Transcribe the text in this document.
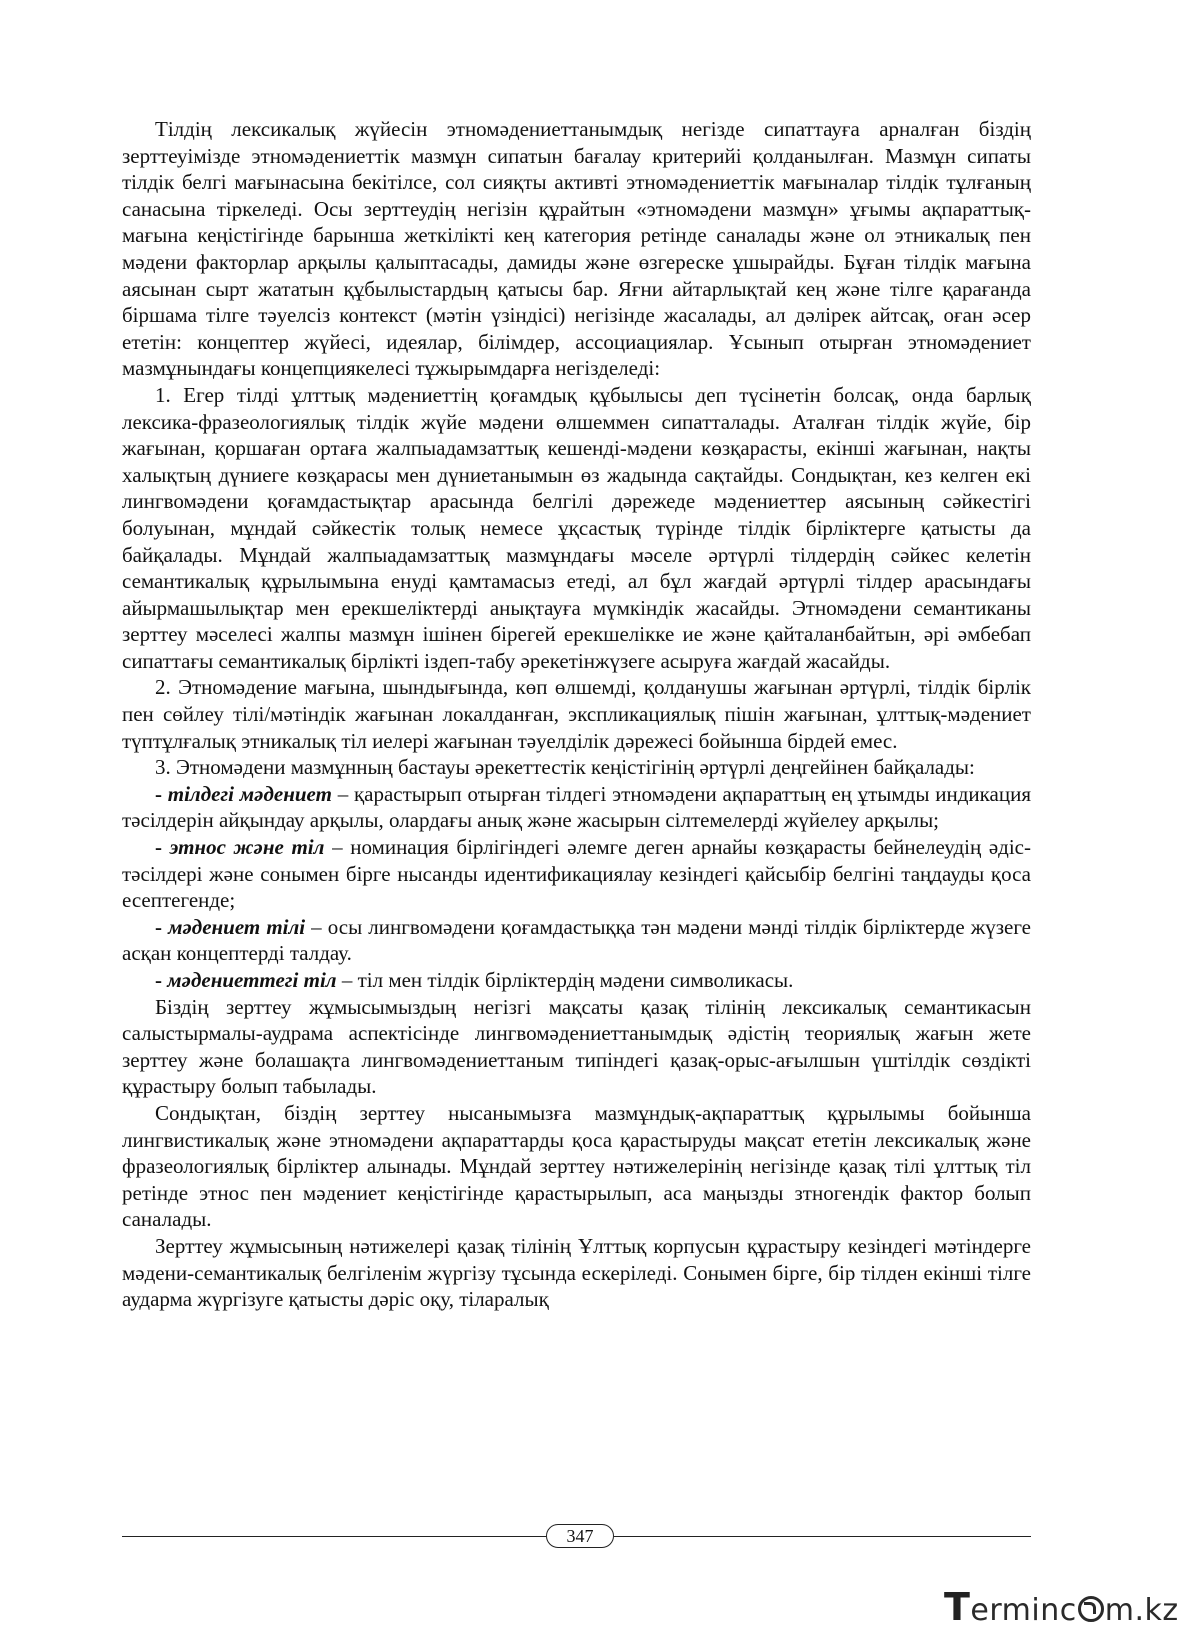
Тілдің лексикалық жүйесін этномәдениеттанымдық негізде сипаттауға арналған біздің зерттеуімізде этномәдениеттік мазмұн сипатын бағалау критерийі қолданылған. Мазмұн сипаты тілдік белгі мағынасына бекітілсе, сол сияқты активті этномәдениеттік мағыналар тілдік тұлғаның санасына тіркеледі. Осы зерттеудің негізін құрайтын «этномәдени мазмұн» ұғымы ақпараттық-мағына кеңістігінде барынша жеткілікті кең категория ретінде саналады және ол этникалық пен мәдени факторлар арқылы қалыптасады, дамиды және өзгереске ұшырайды. Бұған тілдік мағына аясынан сырт жататын құбылыстардың қатысы бар. Яғни айтарлықтай кең және тілге қарағанда біршама тілге тәуелсіз контекст (мәтін үзіндісі) негізінде жасалады, ал дәлірек айтсақ, оған әсер ететін: концептер жүйесі, идеялар, білімдер, ассоциациялар. Ұсынып отырған этномәдениет мазмұнындағы концепциякелесі тұжырымдарға негізделеді:

1. Егер тілді ұлттық мәдениеттің қоғамдық құбылысы деп түсінетін болсақ, онда барлық лексика-фразеологиялық тілдік жүйе мәдени өлшеммен сипатталады. Аталған тілдік жүйе, бір жағынан, қоршаған ортаға жалпыадамзаттық кешенді-мәдени көзқарасты, екінші жағынан, нақты халықтың дүниеге көзқарасы мен дүниетанымын өз жадында сақтайды. Сондықтан, кез келген екі лингвомәдени қоғамдастықтар арасында белгілі дәрежеде мәдениеттер аясының сәйкестігі болуынан, мұндай сәйкестік толық немесе ұқсастық түрінде тілдік бірліктерге қатысты да байқалады. Мұндай жалпыадамзаттық мазмұндағы мәселе әртүрлі тілдердің сәйкес келетін семантикалық құрылымына енуді қамтамасыз етеді, ал бұл жағдай әртүрлі тілдер арасындағы айырмашылықтар мен ерекшеліктерді анықтауға мүмкіндік жасайды. Этномәдени семантиканы зерттеу мәселесі жалпы мазмұн ішінен бірегей ерекшелікке ие және қайталанбайтын, әрі әмбебап сипаттағы семантикалық бірлікті іздеп-табу әрекетінжүзеге асыруға жағдай жасайды.

2. Этномәдение мағына, шындығында, көп өлшемді, қолданушы жағынан әртүрлі, тілдік бірлік пен сөйлеу тілі/мәтіндік жағынан локалданған, экспликациялық пішін жағынан, ұлттық-мәдениет түптұлғалық этникалық тіл иелері жағынан тәуелділік дәрежесі бойынша бірдей емес.

3. Этномәдени мазмұнның бастауы әрекеттестік кеңістігінің әртүрлі деңгейінен байқалады:

- тілдегі мәдениет – қарастырып отырған тілдегі этномәдени ақпараттың ең ұтымды индикация тәсілдерін айқындау арқылы, олардағы анық және жасырын сілтемелерді жүйелеу арқылы;

- этнос және тіл – номинация бірлігіндегі әлемге деген арнайы көзқарасты бейнелеудің әдіс-тәсілдері және сонымен бірге нысанды идентификациялау кезіндегі қайсыбір белгіні таңдауды қоса есептегенде;

- мәдениет тілі – осы лингвомәдени қоғамдастыққа тән мәдени мәнді тілдік бірліктерде жүзеге асқан концептерді талдау.

- мәдениеттегі тіл – тіл мен тілдік бірліктердің мәдени символикасы.

Біздің зерттеу жұмысымыздың негізгі мақсаты қазақ тілінің лексикалық семантикасын салыстырмалы-аудрама аспектісінде лингвомәдениеттанымдық әдістің теориялық жағын жете зерттеу және болашақта лингвомәдениеттаным типіндегі қазақ-орыс-ағылшын үштілдік сөздікті құрастыру болып табылады.

Сондықтан, біздің зерттеу нысанымызға мазмұндық-ақпараттық құрылымы бойынша лингвистикалық және этномәдени ақпараттарды қоса қарастыруды мақсат ететін лексикалық және фразеологиялық бірліктер алынады. Мұндай зерттеу нәтижелерінің негізінде қазақ тілі ұлттық тіл ретінде этнос пен мәдениет кеңістігінде қарастырылып, аса маңызды зтногендік фактор болып саналады.

Зерттеу жұмысының нәтижелері қазақ тілінің Ұлттық корпусын құрастыру кезіндегі мәтіндерге мәдени-семантикалық белгіленім жүргізу тұсында ескеріледі. Сонымен бірге, бір тілден екінші тілге аударма жүргізуге қатысты дәріс оқу, тіларалық

347
Terminc m.kz
